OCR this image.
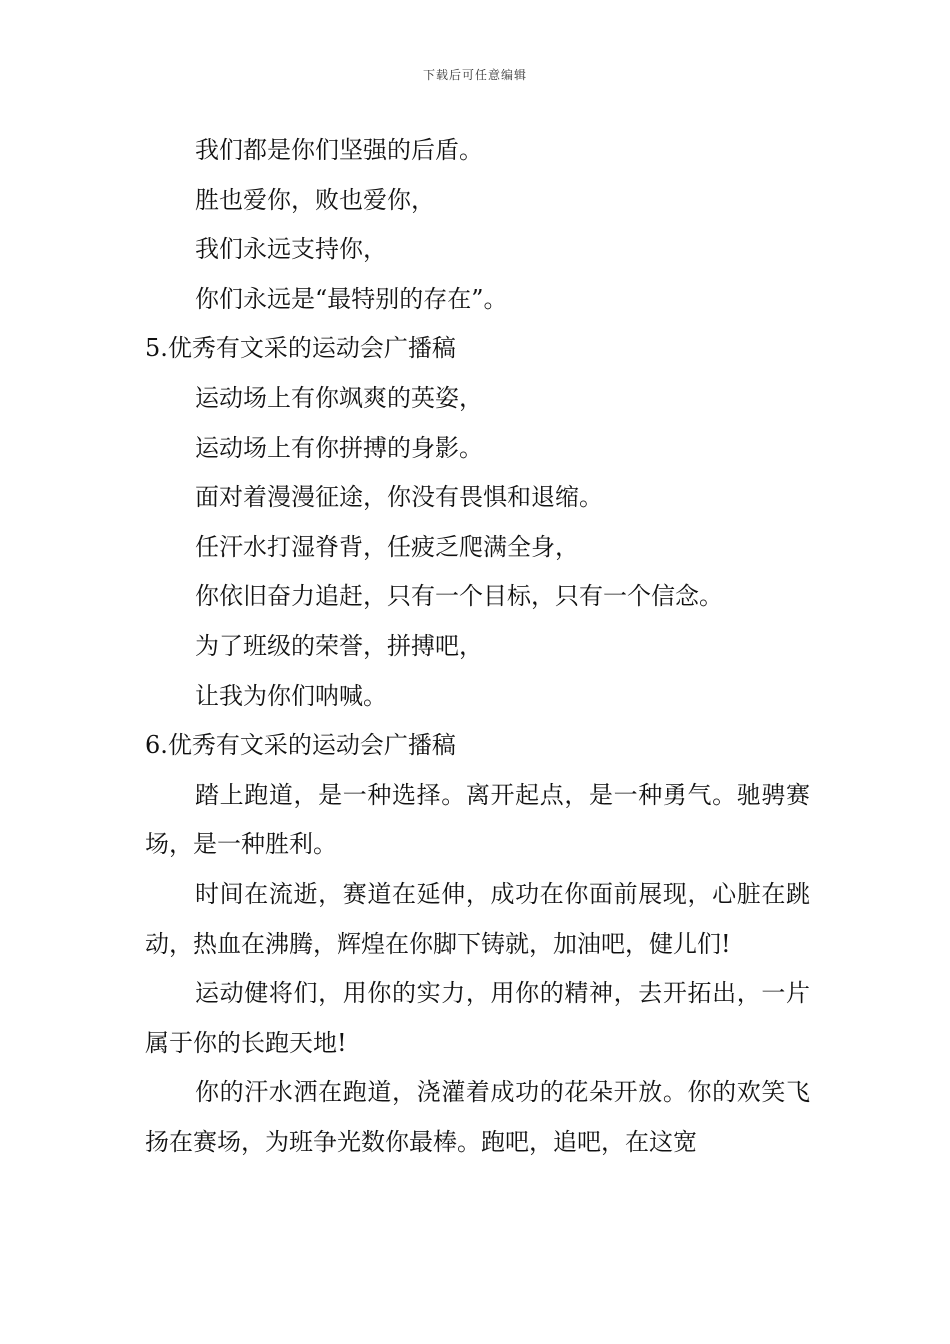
下载后可任意编辑

我们都是你们坚强的后盾。

胜也爱你，败也爱你，

我们永远支持你，

你们永远是“最特别的存在”。

5.优秀有文采的运动会广播稿

运动场上有你飒爽的英姿，

运动场上有你拼搏的身影。

面对着漫漫征途，你没有畏惧和退缩。

任汗水打湿脊背，任疲乏爬满全身，

你依旧奋力追赶，只有一个目标，只有一个信念。

为了班级的荣誉，拼搏吧，

让我为你们呐喊。

6.优秀有文采的运动会广播稿

踏上跑道，是一种选择。离开起点，是一种勇气。驰骋赛场，是一种胜利。

时间在流逝，赛道在延伸，成功在你面前展现，心脏在跳动，热血在沸腾，辉煌在你脚下铸就，加油吧，健儿们!

运动健将们，用你的实力，用你的精神，去开拓出，一片属于你的长跑天地!

你的汗水洒在跑道，浇灌着成功的花朵开放。你的欢笑飞扬在赛场，为班争光数你最棒。跑吧，追吧，在这宽
